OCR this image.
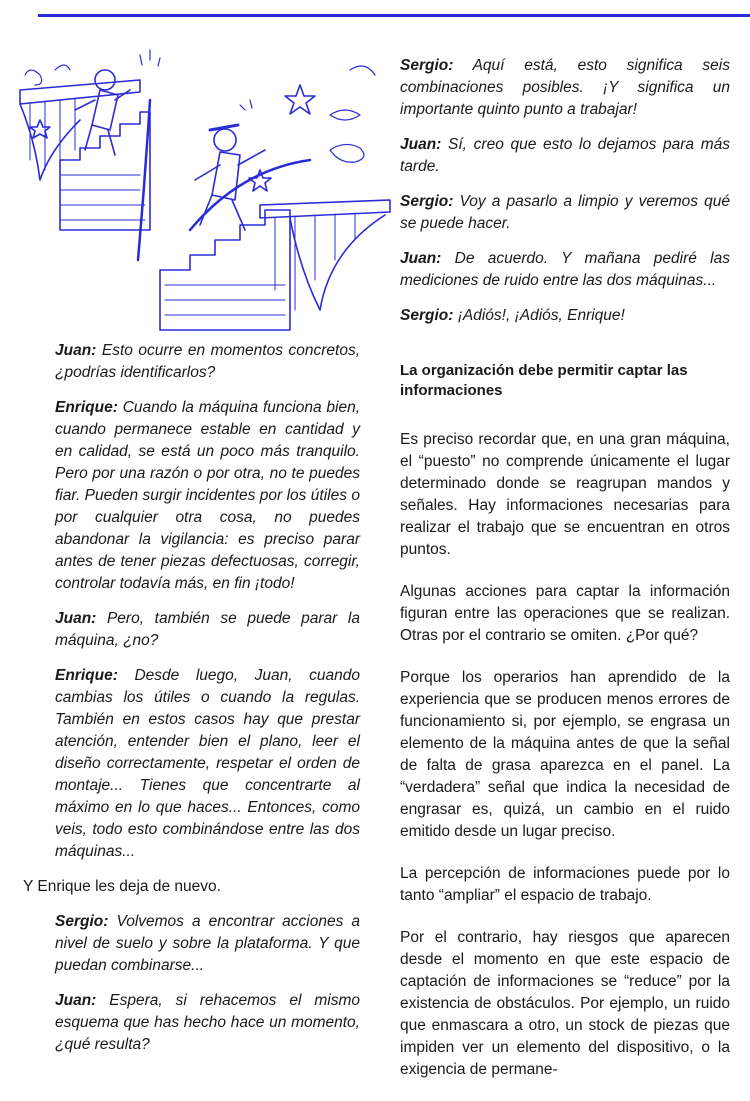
Juan: Esto ocurre en momentos concretos, ¿podrías identificarlos?

Enrique: Cuando la máquina funciona bien, cuando permanece estable en cantidad y en calidad, se está un poco más tranquilo. Pero por una razón o por otra, no te puedes fiar. Pueden surgir incidentes por los útiles o por cualquier otra cosa, no puedes abandonar la vigilancia: es preciso parar antes de tener piezas defectuosas, corregir, controlar todavía más, en fin ¡todo!

Juan: Pero, también se puede parar la máquina, ¿no?

Enrique: Desde luego, Juan, cuando cambias los útiles o cuando la regulas. También en estos casos hay que prestar atención, entender bien el plano, leer el diseño correctamente, respetar el orden de montaje... Tienes que concentrarte al máximo en lo que haces... Entonces, como veis, todo esto combinándose entre las dos máquinas...

Y Enrique les deja de nuevo.

Sergio: Volvemos a encontrar acciones a nivel de suelo y sobre la plataforma. Y que puedan combinarse...

Juan: Espera, si rehacemos el mismo esquema que has hecho hace un momento, ¿qué resulta?

Sergio: Aquí está, esto significa seis combinaciones posibles. ¡Y significa un importante quinto punto a trabajar!

Juan: Sí, creo que esto lo dejamos para más tarde.

Sergio: Voy a pasarlo a limpio y veremos qué se puede hacer.

Juan: De acuerdo. Y mañana pediré las mediciones de ruido entre las dos máquinas...

Sergio: ¡Adiós!, ¡Adiós, Enrique!

La organización debe permitir captar las informaciones

Es preciso recordar que, en una gran máquina, el “puesto” no comprende únicamente el lugar determinado donde se reagrupan mandos y señales. Hay informaciones necesarias para realizar el trabajo que se encuentran en otros puntos.

Algunas acciones para captar la información figuran entre las operaciones que se realizan. Otras por el contrario se omiten. ¿Por qué?

Porque los operarios han aprendido de la experiencia que se producen menos errores de funcionamiento si, por ejemplo, se engrasa un elemento de la máquina antes de que la señal de falta de grasa aparezca en el panel. La “verdadera” señal que indica la necesidad de engrasar es, quizá, un cambio en el ruido emitido desde un lugar preciso.

La percepción de informaciones puede por lo tanto “ampliar” el espacio de trabajo.

Por el contrario, hay riesgos que aparecen desde el momento en que este espacio de captación de informaciones se “reduce” por la existencia de obstáculos. Por ejemplo, un ruido que enmascara a otro, un stock de piezas que impiden ver un elemento del dispositivo, o la exigencia de permane-
